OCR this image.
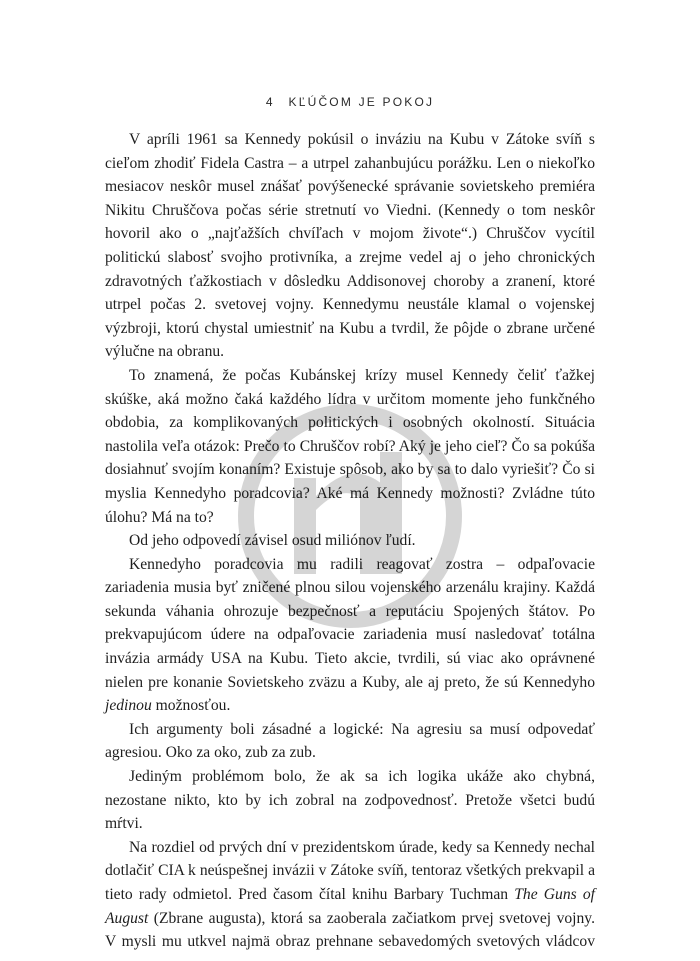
4 KĽÚČOM JE POKOJ

V apríli 1961 sa Kennedy pokúsil o inváziu na Kubu v Zátoke svíň s cieľom zhodiť Fidela Castra – a utrpel zahanbujúcu porážku. Len o niekoľko mesiacov neskôr musel znášať povýšenecké správanie sovietskeho premiéra Nikitu Chruščova počas série stretnutí vo Viedni. (Kennedy o tom neskôr hovoril ako o „najťažších chvíľach v mojom živote“.) Chruščov vycítil politickú slabosť svojho protivníka, a zrejme vedel aj o jeho chronických zdravotných ťažkostiach v dôsledku Addisonovej choroby a zranení, ktoré utrpel počas 2. svetovej vojny. Kennedymu neustále klamal o vojenskej výzbroji, ktorú chystal umiestniť na Kubu a tvrdil, že pôjde o zbrane určené výlučne na obranu.

To znamená, že počas Kubánskej krízy musel Kennedy čeliť ťažkej skúške, aká možno čaká každého lídra v určitom momente jeho funkčného obdobia, za komplikovaných politických i osobných okolností. Situácia nastolila veľa otázok: Prečo to Chruščov robí? Aký je jeho cieľ? Čo sa pokúša dosiahnuť svojím konaním? Existuje spôsob, ako by sa to dalo vyriešiť? Čo si myslia Kennedyho poradcovia? Aké má Kennedy možnosti? Zvládne túto úlohu? Má na to?

Od jeho odpovedí závisel osud miliónov ľudí.

Kennedyho poradcovia mu radili reagovať zostra – odpaľovacie zariadenia musia byť zničené plnou silou vojenského arzenálu krajiny. Každá sekunda váhania ohrozuje bezpečnosť a reputáciu Spojených štátov. Po prekvapujúcom údere na odpaľovacie zariadenia musí nasledovať totálna invázia armády USA na Kubu. Tieto akcie, tvrdili, sú viac ako oprávnené nielen pre konanie Sovietskeho zväzu a Kuby, ale aj preto, že sú Kennedyho jedinou možnosťou.

Ich argumenty boli zásadné a logické: Na agresiu sa musí odpovedať agresiou. Oko za oko, zub za zub.

Jediným problémom bolo, že ak sa ich logika ukáže ako chybná, nezostane nikto, kto by ich zobral na zodpovednosť. Pretože všetci budú mŕtvi.

Na rozdiel od prvých dní v prezidentskom úrade, kedy sa Kennedy nechal dotlačiť CIA k neúspešnej invázii v Zátoke svíň, tentoraz všetkých prekvapil a tieto rady odmietol. Pred časom čítal knihu Barbary Tuchman The Guns of August (Zbrane augusta), ktorá sa zaoberala začiatkom prvej svetovej vojny. V mysli mu utkvel najmä obraz prehnane sebavedomých svetových vládcov
